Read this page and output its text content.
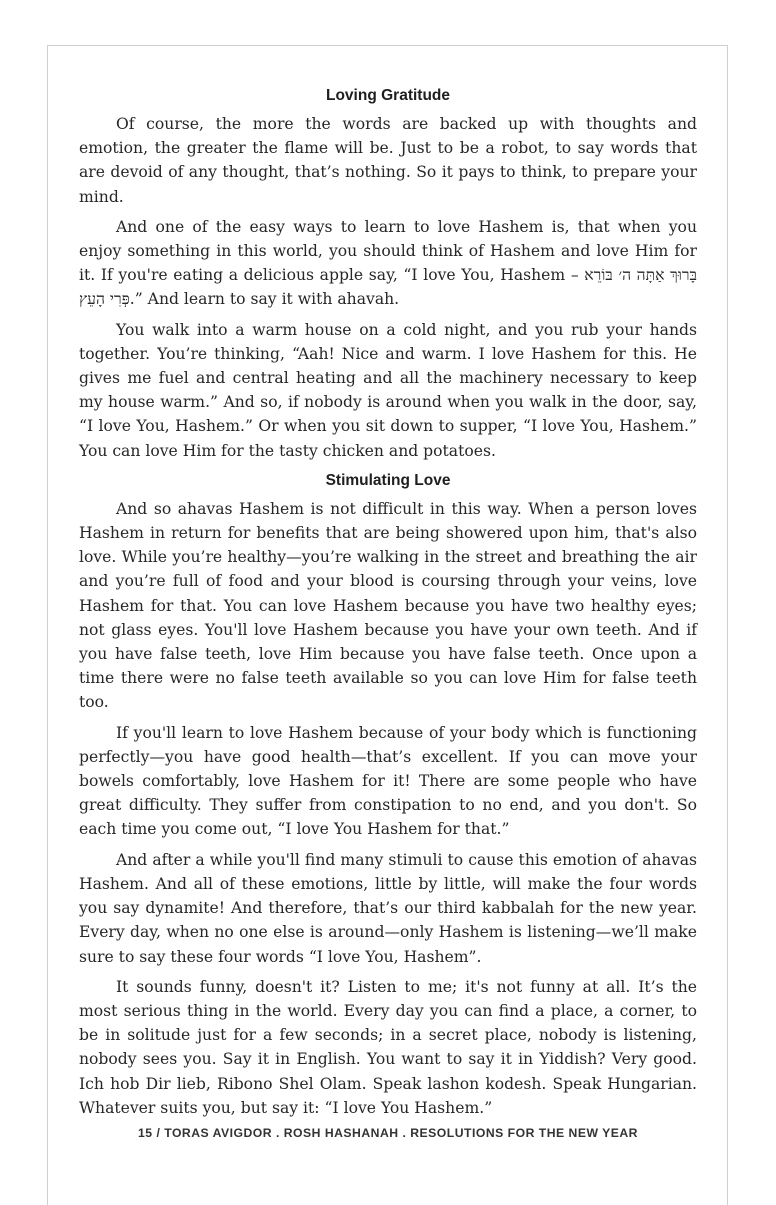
Loving Gratitude

Of course, the more the words are backed up with thoughts and emotion, the greater the flame will be. Just to be a robot, to say words that are devoid of any thought, that’s nothing. So it pays to think, to prepare your mind.

And one of the easy ways to learn to love Hashem is, that when you enjoy something in this world, you should think of Hashem and love Him for it. If you're eating a delicious apple say, “I love You, Hashem – בָּרוּךְ אַתָּה ה׳ בּוֹרֵא פְּרִי הָעֵץ.” And learn to say it with ahavah.

You walk into a warm house on a cold night, and you rub your hands together. You’re thinking, “Aah! Nice and warm. I love Hashem for this. He gives me fuel and central heating and all the machinery necessary to keep my house warm.” And so, if nobody is around when you walk in the door, say, “I love You, Hashem.” Or when you sit down to supper, “I love You, Hashem.” You can love Him for the tasty chicken and potatoes.

Stimulating Love

And so ahavas Hashem is not difficult in this way. When a person loves Hashem in return for benefits that are being showered upon him, that's also love. While you’re healthy—you’re walking in the street and breathing the air and you’re full of food and your blood is coursing through your veins, love Hashem for that. You can love Hashem because you have two healthy eyes; not glass eyes. You'll love Hashem because you have your own teeth. And if you have false teeth, love Him because you have false teeth. Once upon a time there were no false teeth available so you can love Him for false teeth too.

If you'll learn to love Hashem because of your body which is functioning perfectly—you have good health—that’s excellent. If you can move your bowels comfortably, love Hashem for it! There are some people who have great difficulty. They suffer from constipation to no end, and you don't. So each time you come out, “I love You Hashem for that.”

And after a while you'll find many stimuli to cause this emotion of ahavas Hashem. And all of these emotions, little by little, will make the four words you say dynamite! And therefore, that’s our third kabbalah for the new year. Every day, when no one else is around—only Hashem is listening—we’ll make sure to say these four words “I love You, Hashem”.

It sounds funny, doesn't it? Listen to me; it's not funny at all. It’s the most serious thing in the world. Every day you can find a place, a corner, to be in solitude just for a few seconds; in a secret place, nobody is listening, nobody sees you. Say it in English. You want to say it in Yiddish? Very good. Ich hob Dir lieb, Ribono Shel Olam. Speak lashon kodesh. Speak Hungarian. Whatever suits you, but say it: “I love You Hashem.”

15 / TORAS AVIGDOR . ROSH HASHANAH . RESOLUTIONS FOR THE NEW YEAR
